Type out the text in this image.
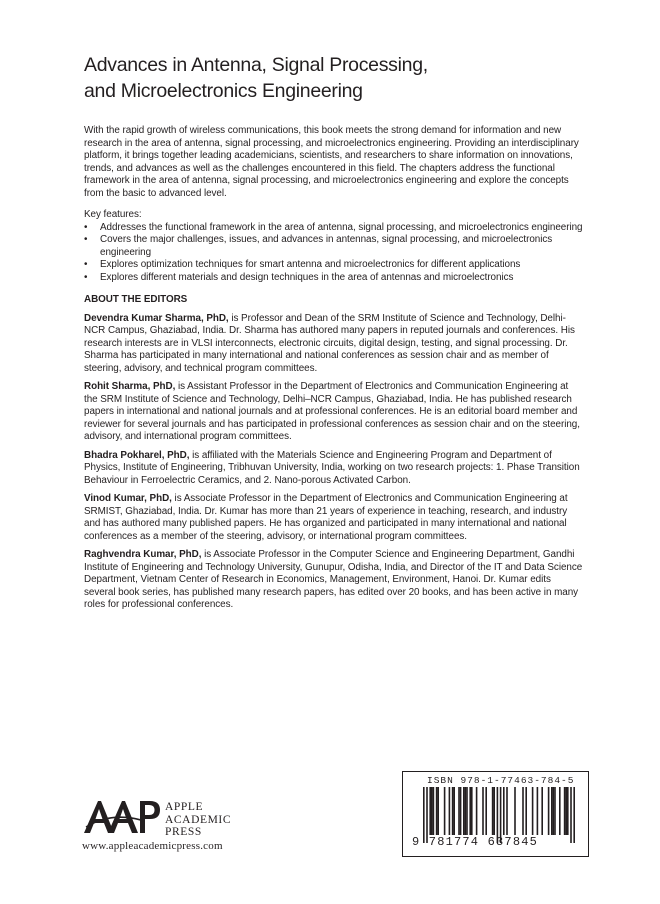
Advances in Antenna, Signal Processing,
and Microelectronics Engineering

With the rapid growth of wireless communications, this book meets the strong demand for information and new research in the area of antenna, signal processing, and microelectronics engineering. Providing an interdisciplinary platform, it brings together leading academicians, scientists, and researchers to share information on innovations, trends, and advances as well as the challenges encountered in this field. The chapters address the functional framework in the area of antenna, signal processing, and microelectronics engineering and explore the concepts from the basic to advanced level.

Key features:

• Addresses the functional framework in the area of antenna, signal processing, and microelectronics engineering
• Covers the major challenges, issues, and advances in antennas, signal processing, and microelectronics engineering
• Explores optimization techniques for smart antenna and microelectronics for different applications
• Explores different materials and design techniques in the area of antennas and microelectronics

ABOUT THE EDITORS

Devendra Kumar Sharma, PhD, is Professor and Dean of the SRM Institute of Science and Technology, Delhi-NCR Campus, Ghaziabad, India. Dr. Sharma has authored many papers in reputed journals and conferences. His research interests are in VLSI interconnects, electronic circuits, digital design, testing, and signal processing. Dr. Sharma has participated in many international and national conferences as session chair and as member of steering, advisory, and technical program committees.

Rohit Sharma, PhD, is Assistant Professor in the Department of Electronics and Communication Engineering at the SRM Institute of Science and Technology, Delhi–NCR Campus, Ghaziabad, India. He has published research papers in international and national journals and at professional conferences. He is an editorial board member and reviewer for several journals and has participated in professional conferences as session chair and on the steering, advisory, and international program committees.

Bhadra Pokharel, PhD, is affiliated with the Materials Science and Engineering Program and Department of Physics, Institute of Engineering, Tribhuvan University, India, working on two research projects: 1. Phase Transition Behaviour in Ferroelectric Ceramics, and 2. Nano-porous Activated Carbon.

Vinod Kumar, PhD, is Associate Professor in the Department of Electronics and Communication Engineering at SRMIST, Ghaziabad, India. Dr. Kumar has more than 21 years of experience in teaching, research, and industry and has authored many published papers. He has organized and participated in many international and national conferences as a member of the steering, advisory, or international program committees.

Raghvendra Kumar, PhD, is Associate Professor in the Computer Science and Engineering Department, Gandhi Institute of Engineering and Technology University, Gunupur, Odisha, India, and Director of the IT and Data Science Department, Vietnam Center of Research in Economics, Management, Environment, Hanoi. Dr. Kumar edits several book series, has published many research papers, has edited over 20 books, and has been active in many roles for professional conferences.

APPLE
ACADEMIC
PRESS
www.appleacademicpress.com
ISBN 978-1-77463-784-5
9 781774 637845
